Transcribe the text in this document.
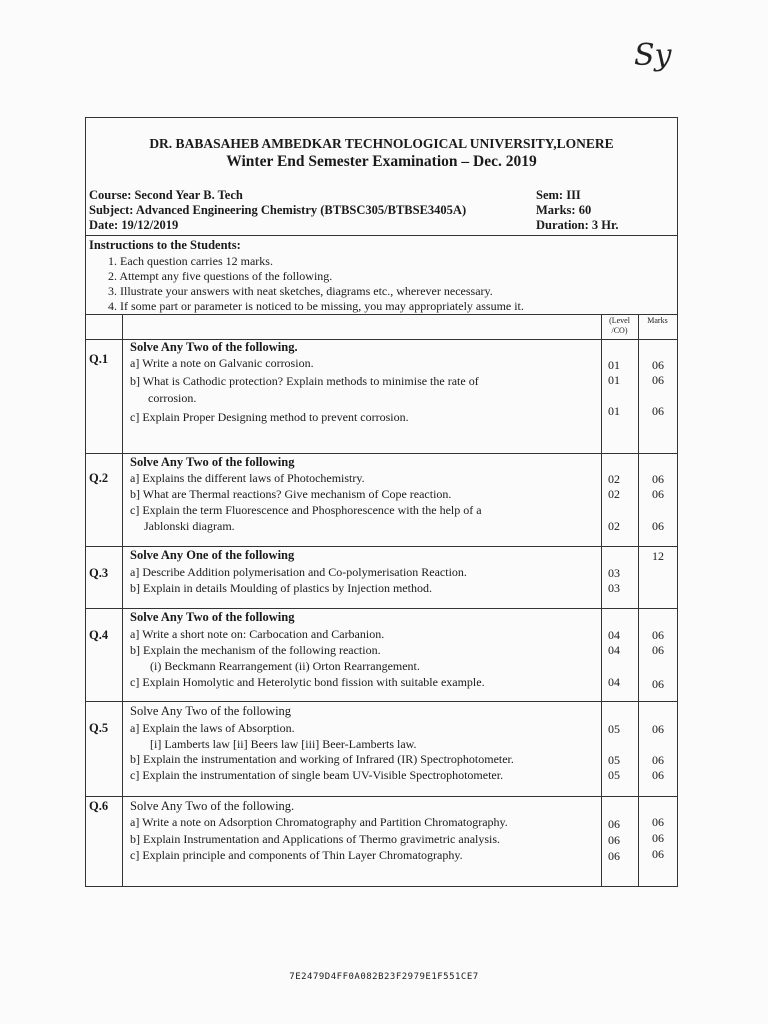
Sy
DR. BABASAHEB AMBEDKAR TECHNOLOGICAL UNIVERSITY,LONERE
Winter End Semester Examination – Dec. 2019
Course: Second Year B. Tech
Subject: Advanced Engineering Chemistry (BTBSC305/BTBSE3405A)
Date: 19/12/2019
Sem: III
Marks: 60
Duration: 3 Hr.
Instructions to the Students:
1. Each question carries 12 marks.
2. Attempt any five questions of the following.
3. Illustrate your answers with neat sketches, diagrams etc., wherever necessary.
4. If some part or parameter is noticed to be missing, you may appropriately assume it.
(Level
/CO)
Marks
Q.1
Solve Any Two of the following.
a] Write a note on Galvanic corrosion.
b] What is Cathodic protection? Explain methods to minimise the rate of
corrosion.
c] Explain Proper Designing method to prevent corrosion.
01
01
01
06
06
06
Q.2
Solve Any Two of the following
a] Explains the different laws of Photochemistry.
b] What are Thermal reactions? Give mechanism of Cope reaction.
c] Explain the term Fluorescence and Phosphorescence with the help of a
Jablonski diagram.
02
02
02
06
06
06
Q.3
Solve Any One of the following
a] Describe Addition polymerisation and Co-polymerisation Reaction.
b] Explain in details Moulding of plastics by Injection method.
03
03
12
Q.4
Solve Any Two of the following
a] Write a short note on: Carbocation and Carbanion.
b] Explain the mechanism of the following reaction.
(i) Beckmann Rearrangement (ii) Orton Rearrangement.
c] Explain Homolytic and Heterolytic bond fission with suitable example.
04
04
04
06
06
06
Q.5
Solve Any Two of the following
a] Explain the laws of Absorption.
[i] Lamberts law [ii] Beers law [iii] Beer-Lamberts law.
b] Explain the instrumentation and working of Infrared (IR) Spectrophotometer.
c] Explain the instrumentation of single beam UV-Visible Spectrophotometer.
05
05
05
06
06
06
Q.6 Solve Any Two of the following.
a] Write a note on Adsorption Chromatography and Partition Chromatography.
b] Explain Instrumentation and Applications of Thermo gravimetric analysis.
c] Explain principle and components of Thin Layer Chromatography.
06
06
06
06
06
06
7E2479D4FF0A082B23F2979E1F551CE7
